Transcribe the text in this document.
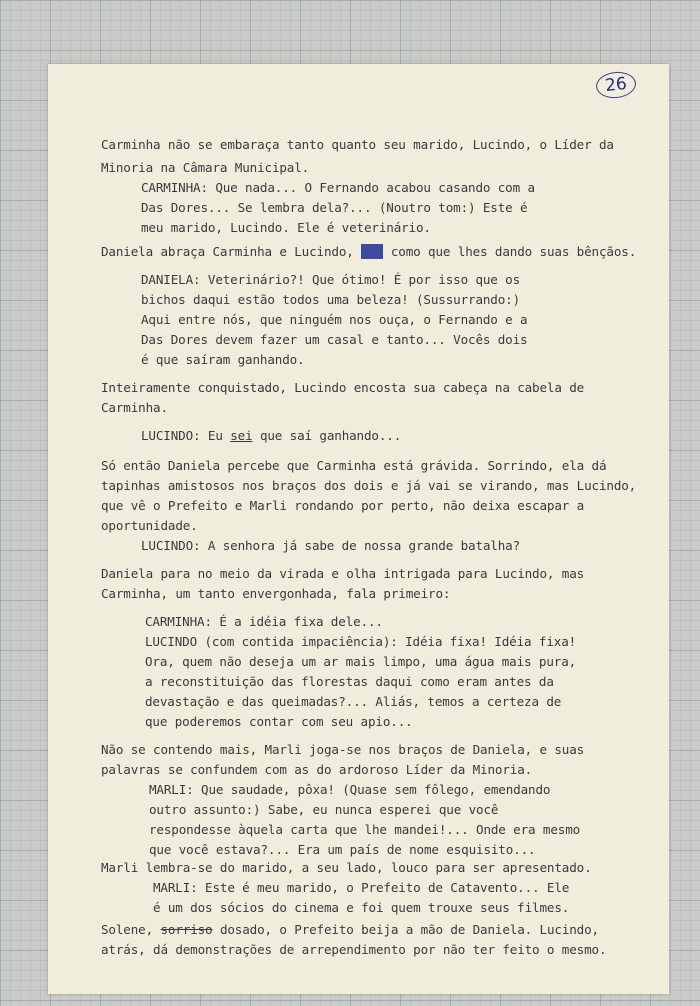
26
Carminha não se embaraça tanto quanto seu marido, Lucindo, o Líder da
Minoria na Câmara Municipal.
CARMINHA: Que nada... O Fernando acabou casando com a
Das Dores... Se lembra dela?... (Noutro tom:) Este é
meu marido, Lucindo. Ele é veterinário.
Daniela abraça Carminha e Lucindo, mas como que lhes dando suas bênçãos.
DANIELA: Veterinário?! Que ótimo! É por isso que os
bichos daqui estão todos uma beleza! (Sussurrando:)
Aqui entre nós, que ninguém nos ouça, o Fernando e a
Das Dores devem fazer um casal e tanto... Vocês dois
é que saíram ganhando.
Inteiramente conquistado, Lucindo encosta sua cabeça na cabela de
Carminha.
LUCINDO: Eu sei que saí ganhando...
Só então Daniela percebe que Carminha está grávida. Sorrindo, ela dá
tapinhas amistosos nos braços dos dois e já vai se virando, mas Lucindo,
que vê o Prefeito e Marli rondando por perto, não deixa escapar a
oportunidade.
LUCINDO: A senhora já sabe de nossa grande batalha?
Daniela para no meio da virada e olha intrigada para Lucindo, mas
Carminha, um tanto envergonhada, fala primeiro:
CARMINHA: É a idéia fixa dele...
LUCINDO (com contida impaciência): Idéia fixa! Idéia fixa!
Ora, quem não deseja um ar mais limpo, uma água mais pura,
a reconstituição das florestas daqui como eram antes da
devastação e das queimadas?... Aliás, temos a certeza de
que poderemos contar com seu apio...
Não se contendo mais, Marli joga-se nos braços de Daniela, e suas
palavras se confundem com as do ardoroso Líder da Minoria.
MARLI: Que saudade, pôxa! (Quase sem fôlego, emendando
outro assunto:) Sabe, eu nunca esperei que você
respondesse àquela carta que lhe mandei!... Onde era mesmo
que você estava?... Era um país de nome esquisito...
Marli lembra-se do marido, a seu lado, louco para ser apresentado.
MARLI: Este é meu marido, o Prefeito de Cataventо... Ele
é um dos sócios do cinema e foi quem trouxe seus filmes.
Solene, sorriso dosado, o Prefeito beija a mão de Daniela. Lucindo,
atrás, dá demonstrações de arrependimento por não ter feito o mesmo.
